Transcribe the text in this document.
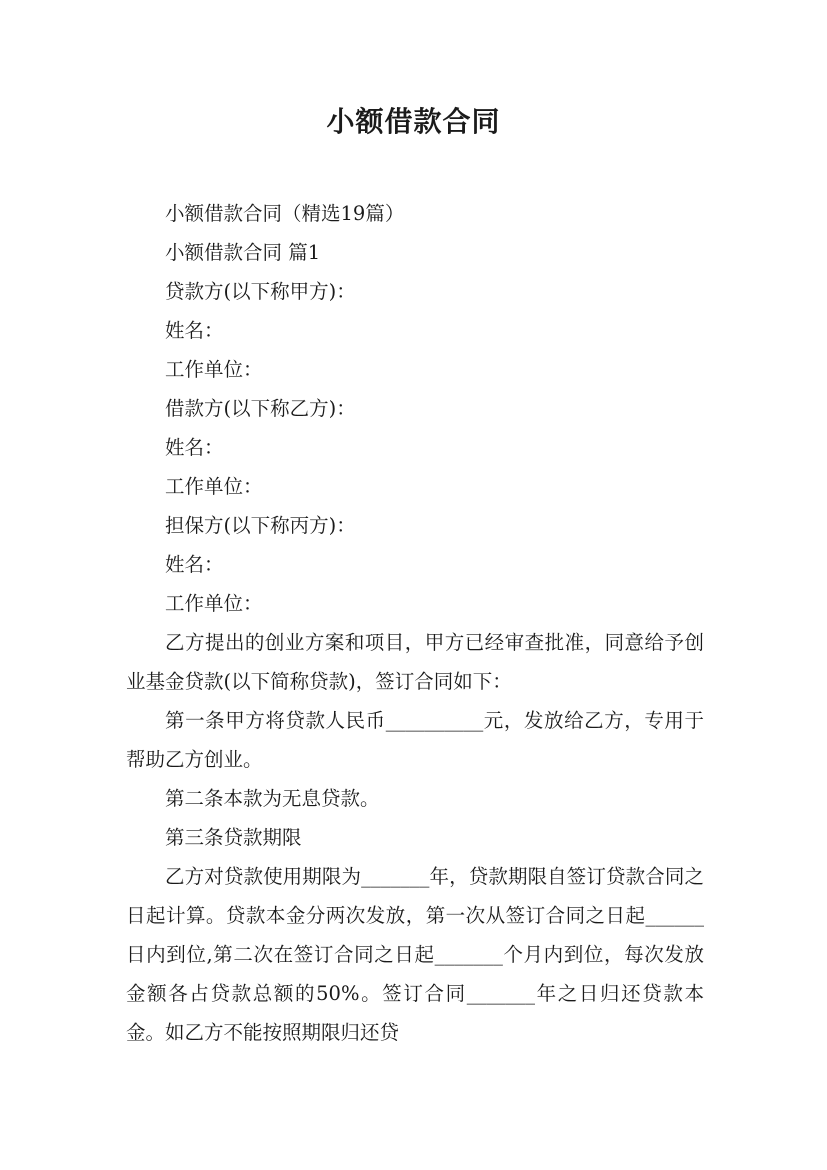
小额借款合同

小额借款合同（精选19篇）

小额借款合同 篇1

贷款方(以下称甲方)：

姓名：

工作单位：

借款方(以下称乙方)：

姓名：

工作单位：

担保方(以下称丙方)：

姓名：

工作单位：

乙方提出的创业方案和项目，甲方已经审查批准，同意给予创业基金贷款(以下简称贷款)，签订合同如下：

第一条甲方将贷款人民币__________元，发放给乙方，专用于帮助乙方创业。

第二条本款为无息贷款。

第三条贷款期限

乙方对贷款使用期限为_______年，贷款期限自签订贷款合同之日起计算。贷款本金分两次发放，第一次从签订合同之日起______日内到位,第二次在签订合同之日起_______个月内到位，每次发放金额各占贷款总额的50%。签订合同_______年之日归还贷款本金。如乙方不能按照期限归还贷
